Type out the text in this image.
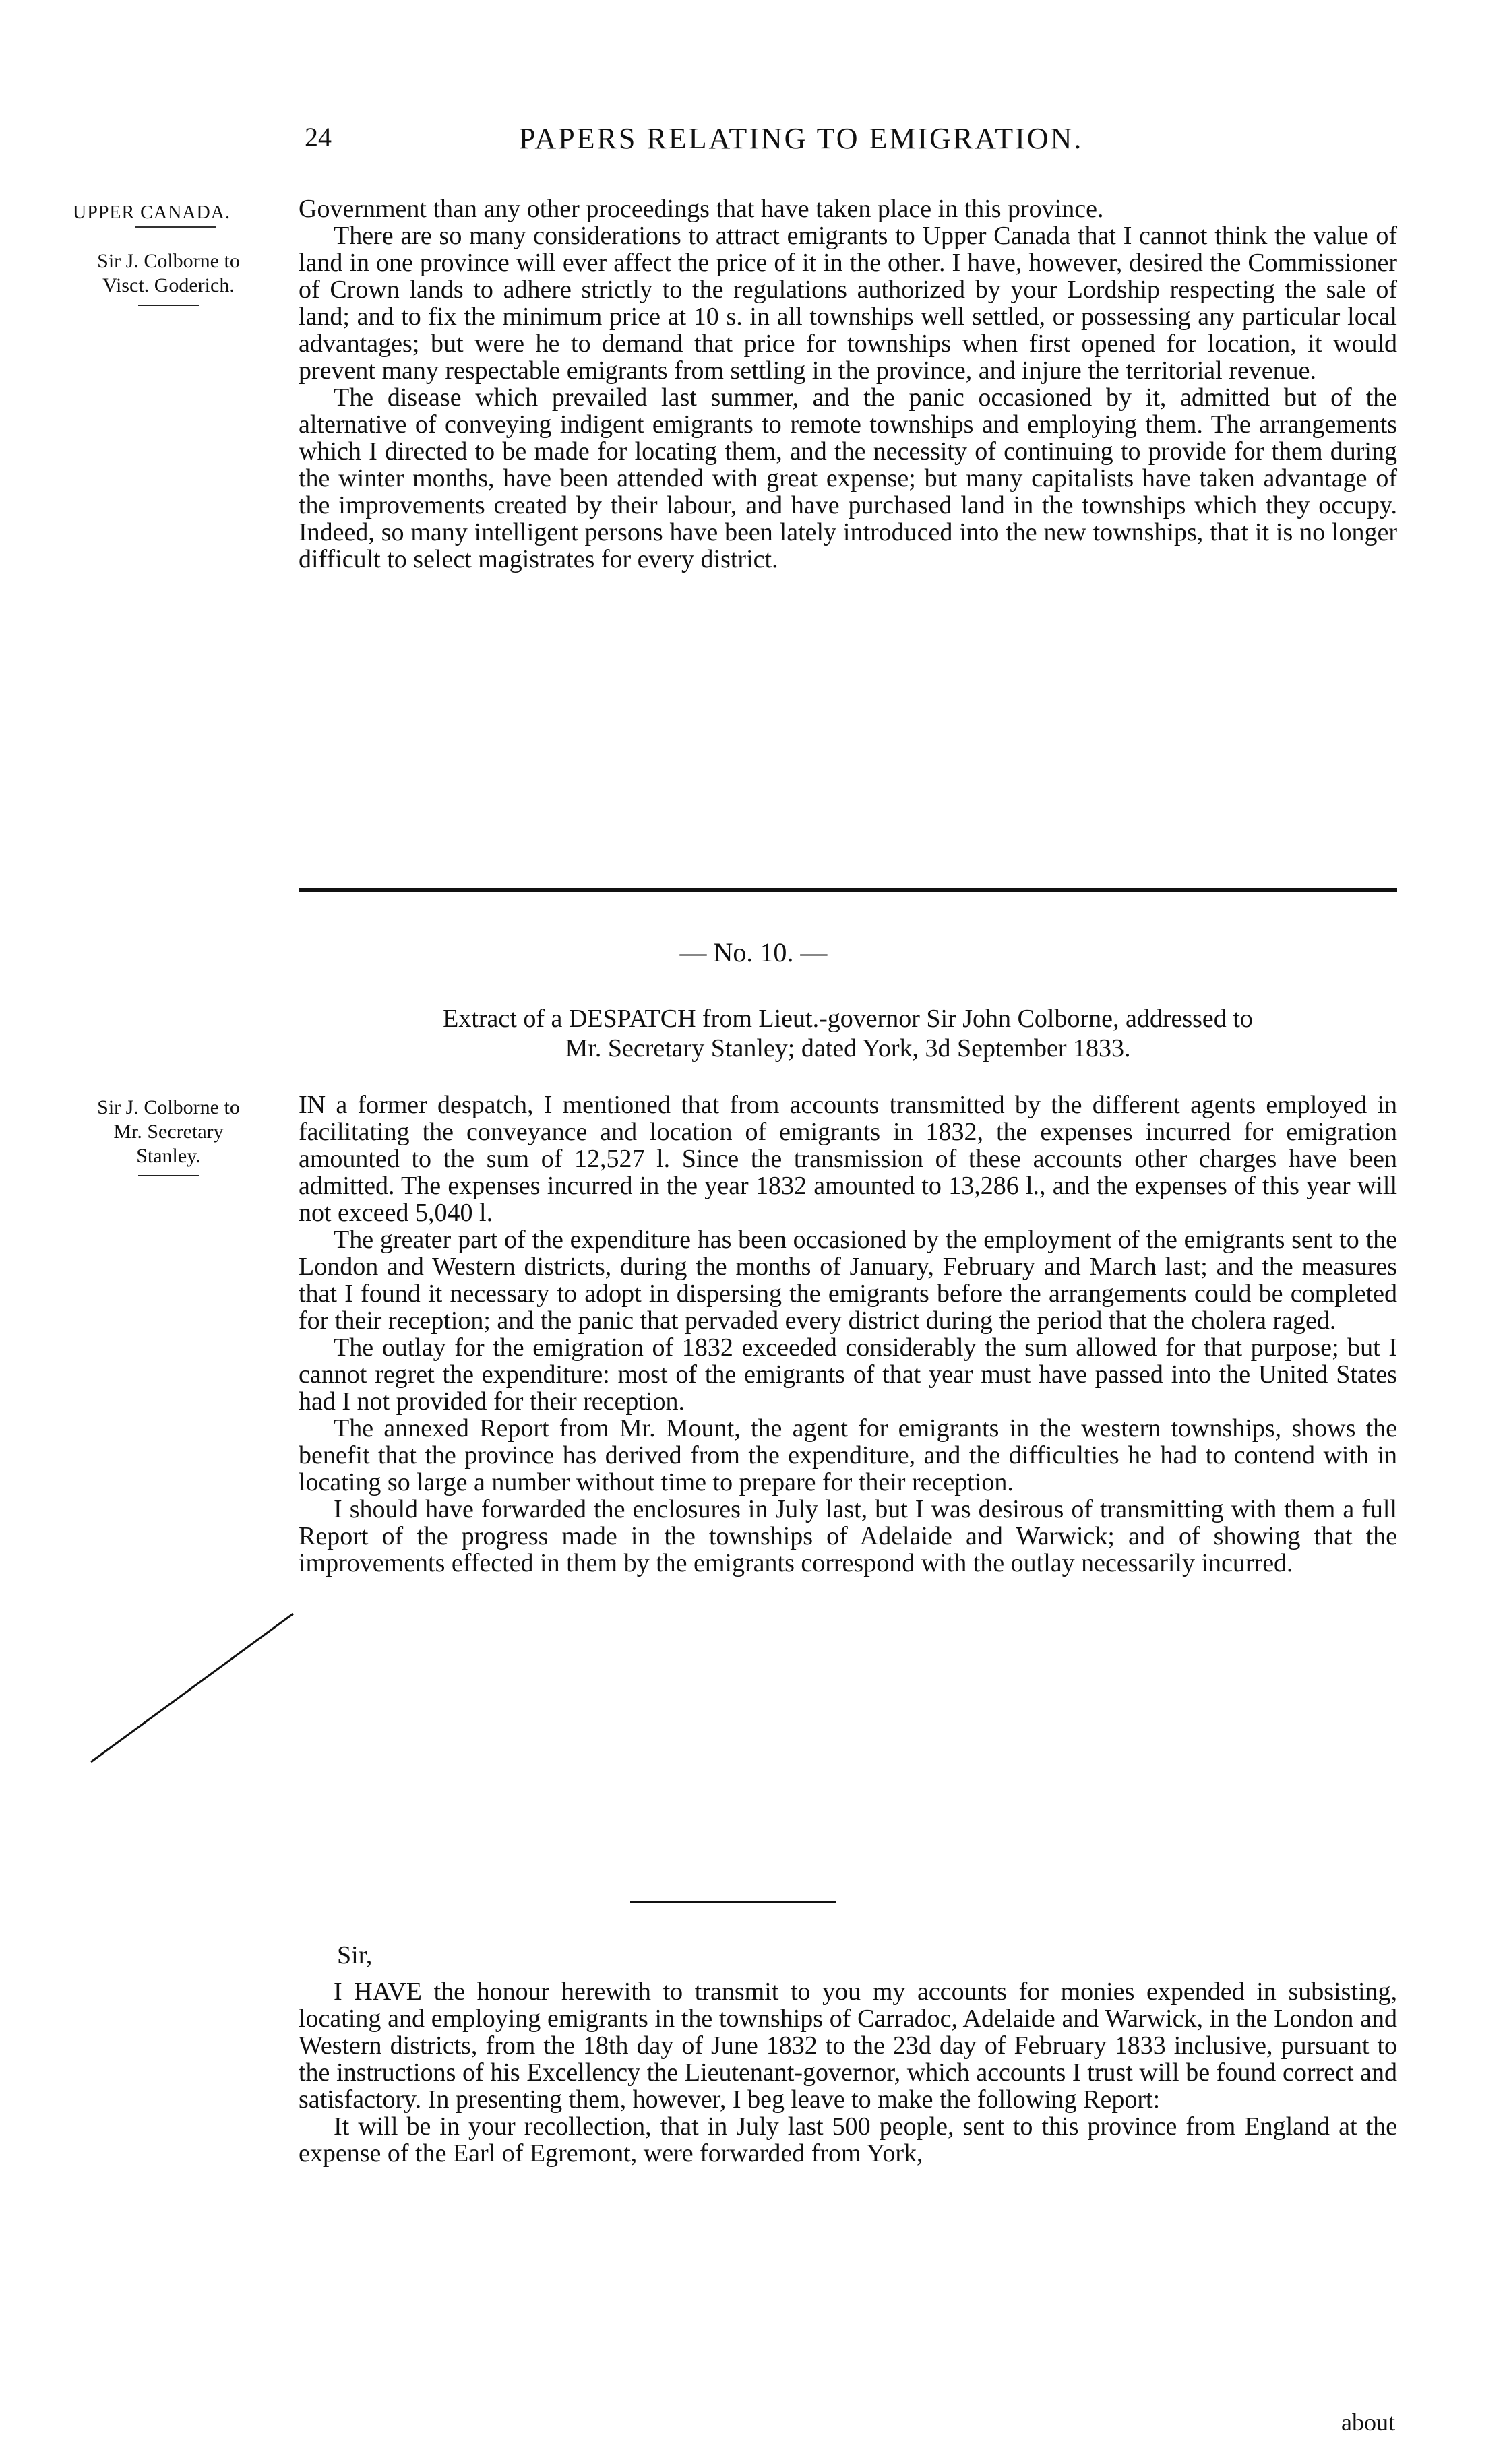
24	PAPERS RELATING TO EMIGRATION.
UPPER CANADA.
Sir J. Colborne to
Visct. Goderich.
Sir J. Colborne to
Mr. Secretary
Stanley.

Government than any other proceedings that have taken place in this province.

There are so many considerations to attract emigrants to Upper Canada that I cannot think the value of land in one province will ever affect the price of it in the other. I have, however, desired the Commissioner of Crown lands to adhere strictly to the regulations authorized by your Lordship respecting the sale of land; and to fix the minimum price at 10 s. in all townships well settled, or possessing any particular local advantages; but were he to demand that price for townships when first opened for location, it would prevent many respectable emigrants from settling in the province, and injure the territorial revenue.

The disease which prevailed last summer, and the panic occasioned by it, admitted but of the alternative of conveying indigent emigrants to remote townships and employing them. The arrangements which I directed to be made for locating them, and the necessity of continuing to provide for them during the winter months, have been attended with great expense; but many capitalists have taken advantage of the improvements created by their labour, and have purchased land in the townships which they occupy. Indeed, so many intelligent persons have been lately introduced into the new townships, that it is no longer difficult to select magistrates for every district.

— No. 10. —
Extract of a DESPATCH from Lieut.-governor Sir John Colborne, addressed to
Mr. Secretary Stanley; dated York, 3d September 1833.

IN a former despatch, I mentioned that from accounts transmitted by the different agents employed in facilitating the conveyance and location of emigrants in 1832, the expenses incurred for emigration amounted to the sum of 12,527 l. Since the transmission of these accounts other charges have been admitted. The expenses incurred in the year 1832 amounted to 13,286 l., and the expenses of this year will not exceed 5,040 l.

The greater part of the expenditure has been occasioned by the employment of the emigrants sent to the London and Western districts, during the months of January, February and March last; and the measures that I found it necessary to adopt in dispersing the emigrants before the arrangements could be completed for their reception; and the panic that pervaded every district during the period that the cholera raged.

The outlay for the emigration of 1832 exceeded considerably the sum allowed for that purpose; but I cannot regret the expenditure: most of the emigrants of that year must have passed into the United States had I not provided for their reception.

The annexed Report from Mr. Mount, the agent for emigrants in the western townships, shows the benefit that the province has derived from the expenditure, and the difficulties he had to contend with in locating so large a number without time to prepare for their reception.

I should have forwarded the enclosures in July last, but I was desirous of transmitting with them a full Report of the progress made in the townships of Adelaide and Warwick; and of showing that the improvements effected in them by the emigrants correspond with the outlay necessarily incurred.

Sir,

I HAVE the honour herewith to transmit to you my accounts for monies expended in subsisting, locating and employing emigrants in the townships of Carradoc, Adelaide and Warwick, in the London and Western districts, from the 18th day of June 1832 to the 23d day of February 1833 inclusive, pursuant to the instructions of his Excellency the Lieutenant-governor, which accounts I trust will be found correct and satisfactory. In presenting them, however, I beg leave to make the following Report:

It will be in your recollection, that in July last 500 people, sent to this province from England at the expense of the Earl of Egremont, were forwarded from York,

about
